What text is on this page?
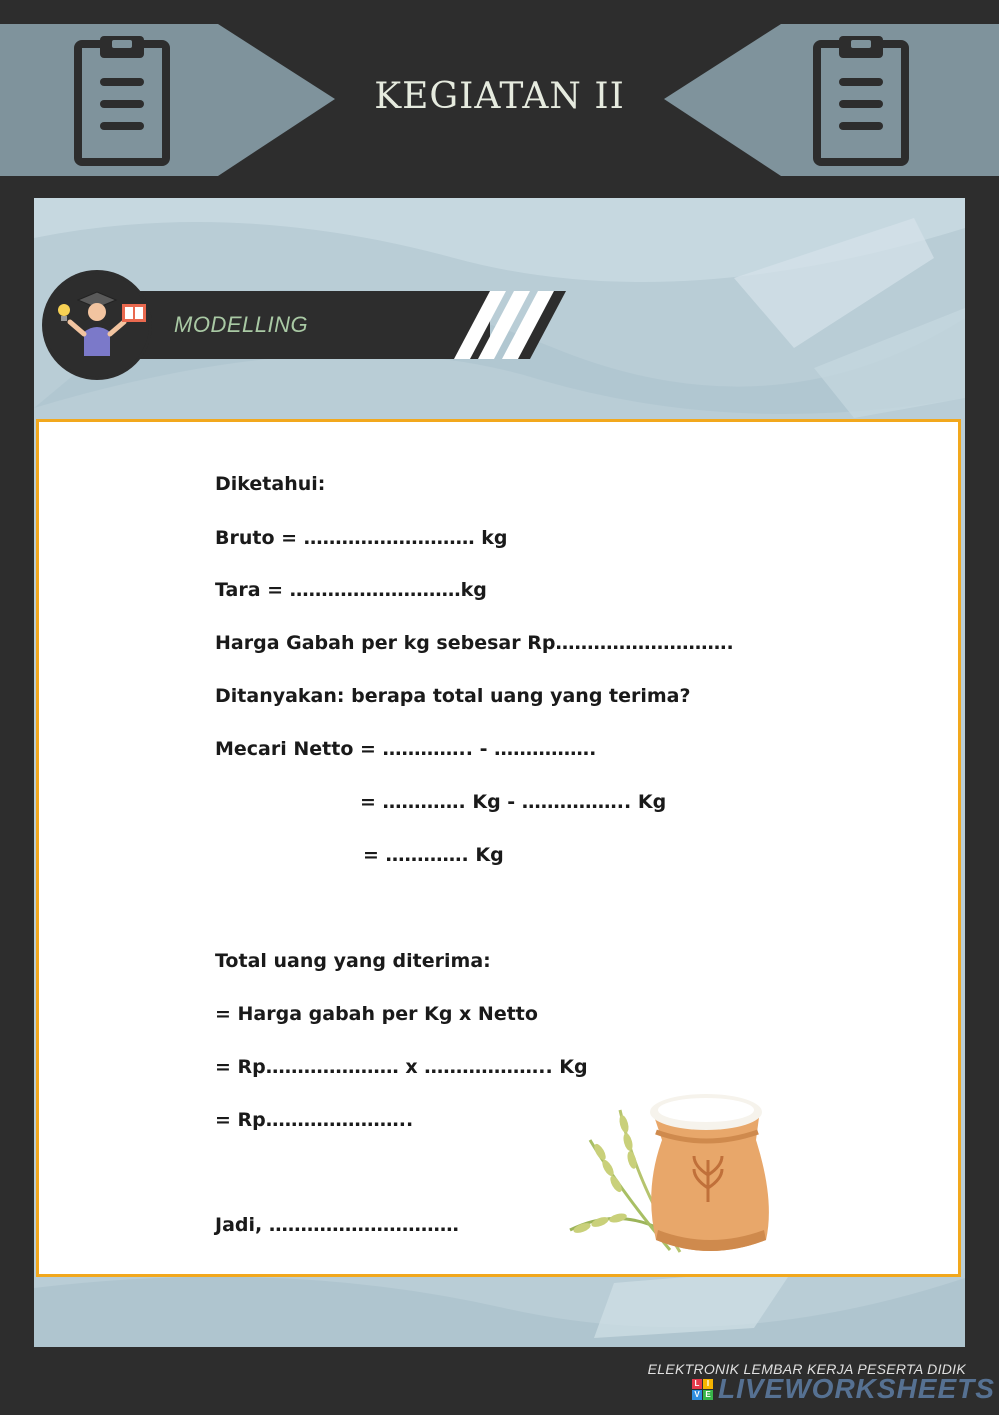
KEGIATAN II
MODELLING
Diketahui:
Bruto = ……………………… kg
Tara = ………………………kg
Harga Gabah per kg sebesar Rp……………………….
Ditanyakan: berapa total uang yang terima?
Mecari Netto = ………….. - …………….
= …………. Kg - …………….. Kg
= …………. Kg
Total uang yang diterima:
= Harga gabah per Kg x Netto
= Rp………………… x ……………….. Kg
= Rp…………………..
Jadi, …………………………
ELEKTRONIK LEMBAR KERJA PESERTA DIDIK
L I
V E LIVEWORKSHEETS
